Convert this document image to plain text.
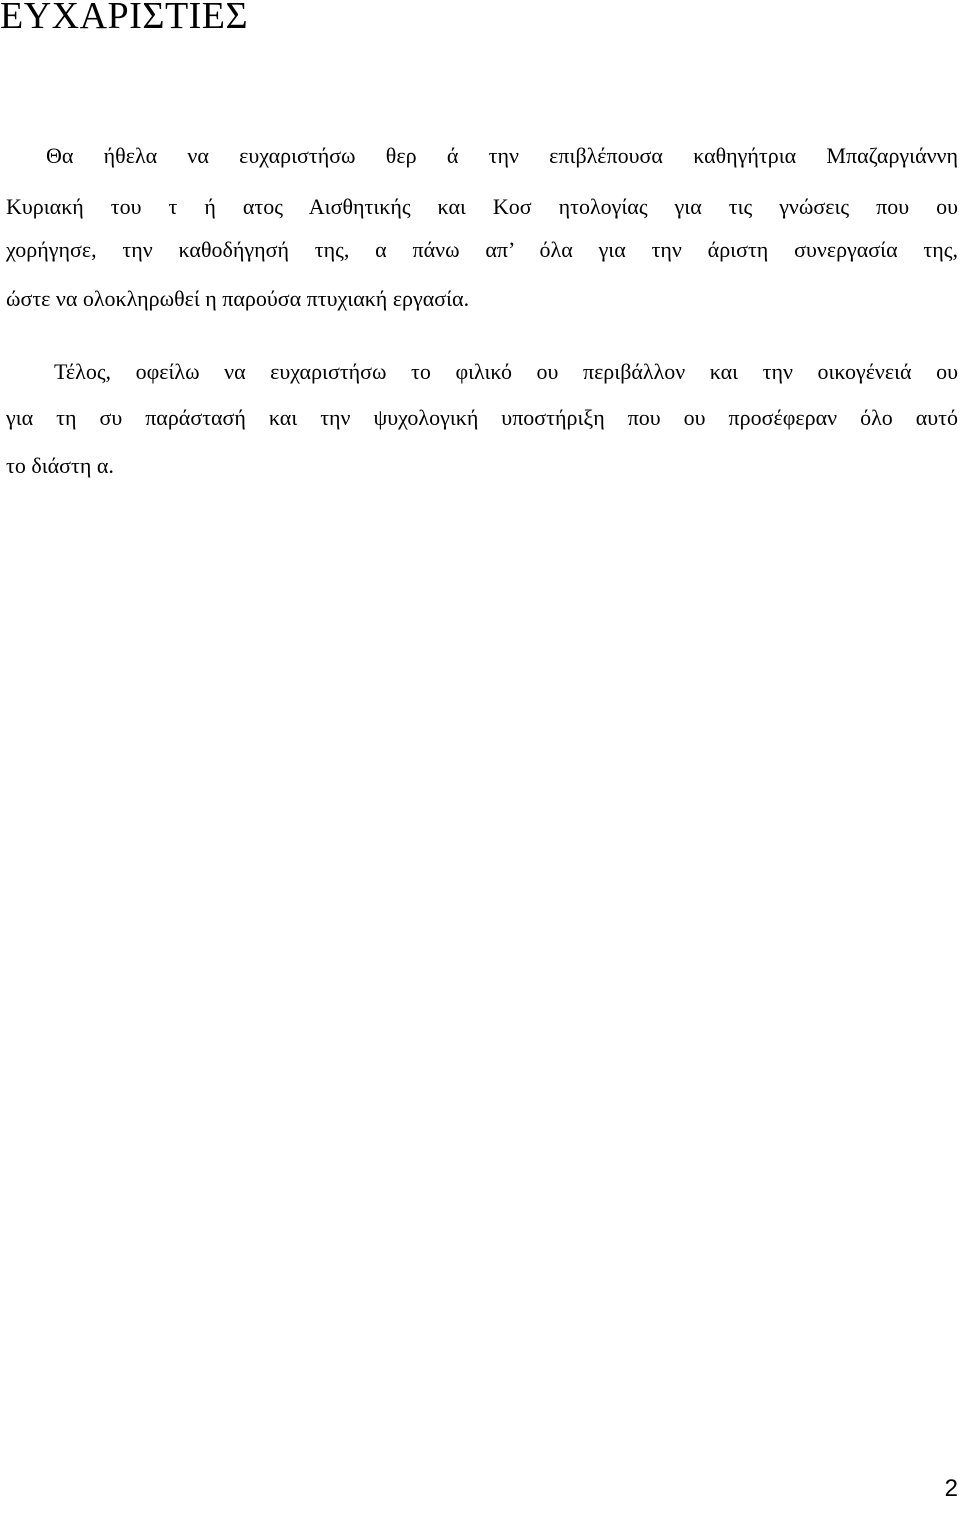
ΕΥΧΑΡΙΣΤΙΕΣ

Θα ήθελα να ευχαριστήσω θερ ά την επιβλέπουσα καθηγήτρια Μπαζαργιάννη

Κυριακή του τ ή ατος Αισθητικής και Κοσ ητολογίας για τις γνώσεις που ου

χορήγησε, την καθοδήγησή της, α πάνω απ’ όλα για την άριστη συνεργασία της,

ώστε να ολοκληρωθεί η παρούσα πτυχιακή εργασία.

Τέλος, οφείλω να ευχαριστήσω το φιλικό ου περιβάλλον και την οικογένειά ου

για τη συ παράστασή και την ψυχολογική υποστήριξη που ου προσέφεραν όλο αυτό

το διάστη α.

2
